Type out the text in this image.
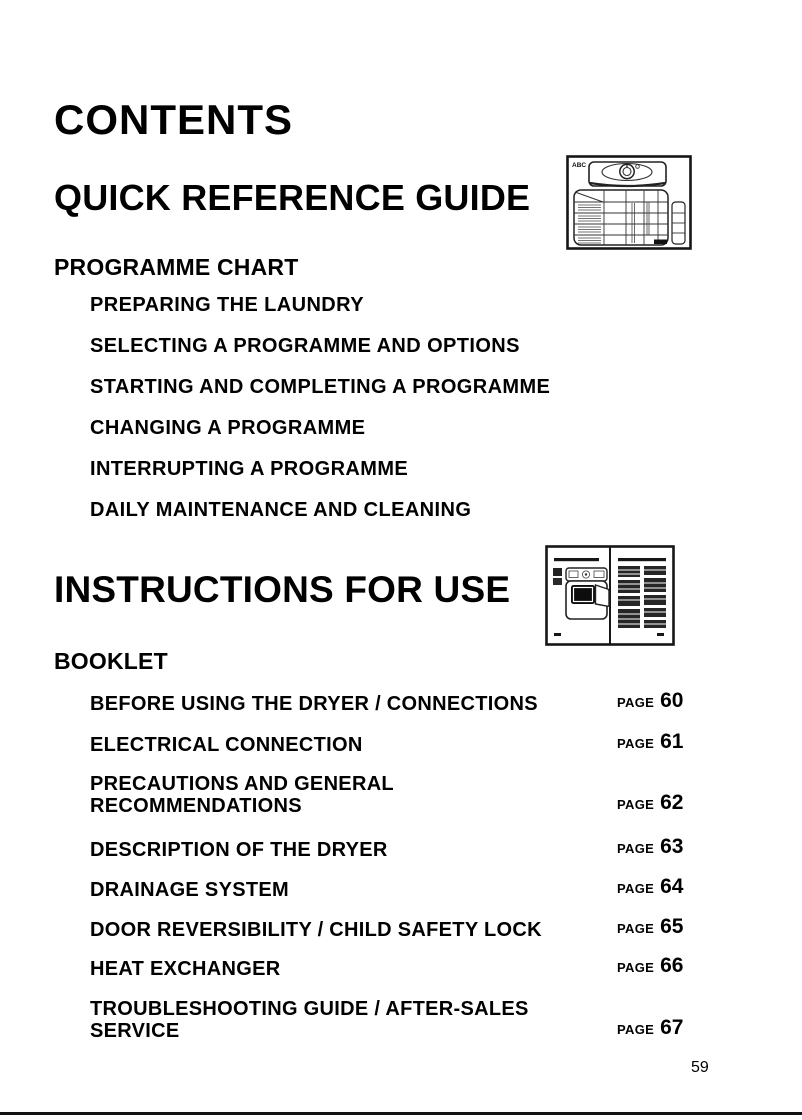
CONTENTS
QUICK REFERENCE GUIDE
ABC
PROGRAMME CHART
PREPARING THE LAUNDRY
SELECTING A PROGRAMME AND OPTIONS
STARTING AND COMPLETING A PROGRAMME
CHANGING A PROGRAMME
INTERRUPTING A PROGRAMME
DAILY MAINTENANCE AND CLEANING
INSTRUCTIONS FOR USE
BOOKLET
BEFORE USING THE DRYER / CONNECTIONS	PAGE 60
ELECTRICAL CONNECTION	PAGE 61
PRECAUTIONS AND GENERAL
RECOMMENDATIONS	PAGE 62
DESCRIPTION OF THE DRYER	PAGE 63
DRAINAGE SYSTEM	PAGE 64
DOOR REVERSIBILITY / CHILD SAFETY LOCK	PAGE 65
HEAT EXCHANGER	PAGE 66
TROUBLESHOOTING GUIDE / AFTER-SALES
SERVICE	PAGE 67
59
